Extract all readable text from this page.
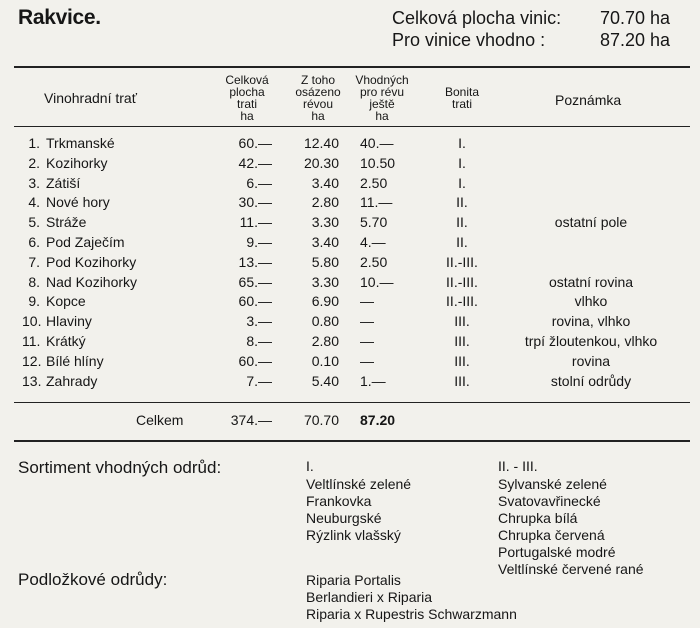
Rakvice.	Celková plocha vinic: 70.70 ha
Pro vinice vhodno :	87.20 ha
Vinohradní trať
Celková
plocha
trati
ha
Z toho
osázeno
révou
ha
Vhodných
pro révu
ještě
ha
Bonita
trati	Poznámka
1. Trkmanské	60.—	12.40 40.—	I.
2. Kozihorky	42.—	20.30 10.50	I.
3. Zátiší	6.—	3.40 2.50	I.
4. Nové hory	30.—	2.80 11.—	II.
5. Stráže	11.—	3.30 5.70	II.	ostatní pole
6. Pod Zaječím	9.—	3.40 4.—	II.
7. Pod Kozihorky	13.—	5.80 2.50	II.-III.
8. Nad Kozihorky	65.—	3.30 10.—	II.-III.	ostatní rovina
9. Kopce	60.—	6.90 —	II.-III.	vlhko
10. Hlaviny	3.—	0.80 —	III.	rovina, vlhko
11. Krátký	8.—	2.80 —	III.	trpí žloutenkou, vlhko
12. Bílé hlíny	60.—	0.10 —	III.	rovina
13. Zahrady	7.—	5.40 1.—	III.	stolní odrůdy
Celkem	374.—	70.70 87.20
Sortiment vhodných odrůd:	I.	II. - III.
Veltlínské zelené
Frankovka
Neuburgské
Rýzlink vlašský
Sylvanské zelené
Svatovavřinecké
Chrupka bílá
Chrupka červená
Portugalské modré
Veltlínské červené rané
Podložkové odrůdy:	Riparia Portalis
Berlandieri x Riparia
Riparia x Rupestris Schwarzmann
